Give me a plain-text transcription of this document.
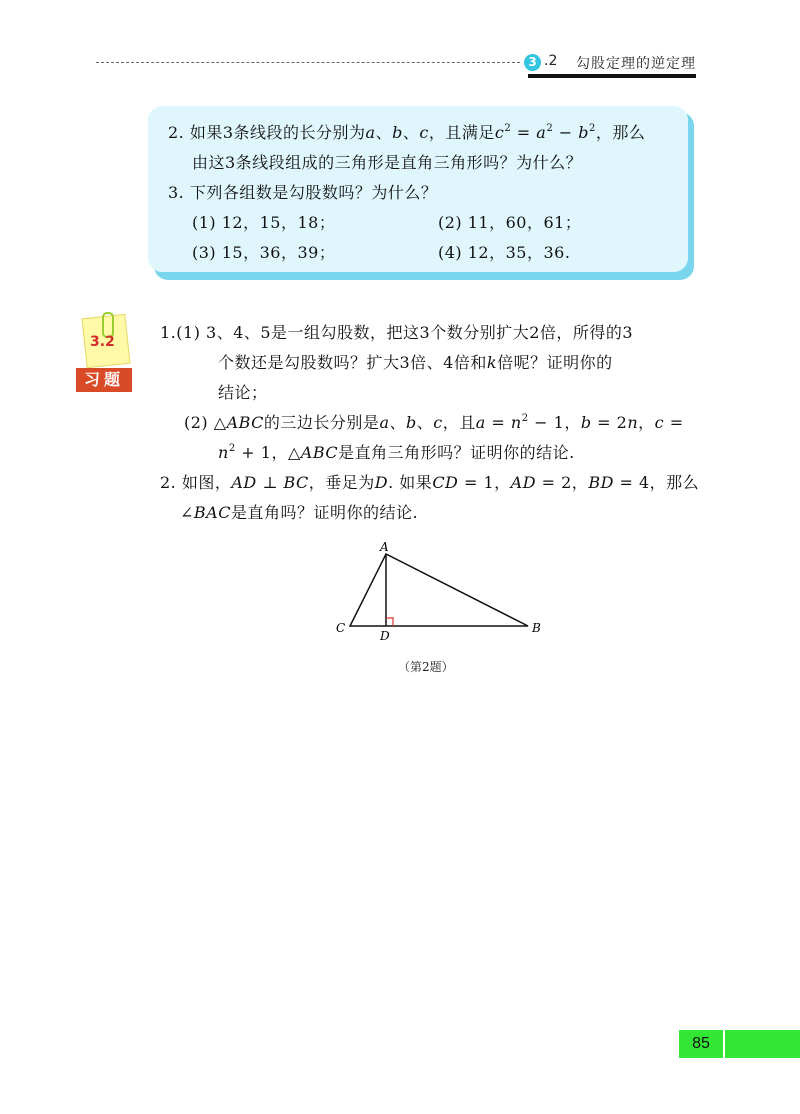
3 .2 勾股定理的逆定理
2. 如果3条线段的长分别为a、b、c，且满足$c^2 = a^2 - b^2$，那么
由这3条线段组成的三角形是直角三角形吗？为什么？
3. 下列各组数是勾股数吗？为什么？
(1) 12，15，18；	(2) 11，60，61；
(3) 15，36，39；	(4) 12，35，36.
3.2
习题
1.(1) 3、4、5是一组勾股数，把这3个数分别扩大2倍，所得的3
个数还是勾股数吗？扩大3倍、4倍和k倍呢？证明你的
结论；
(2) △ABC的三边长分别是a、b、c，且$a = n^2 - 1$，b = 2n，c =
$n^2 + 1$，△ABC是直角三角形吗？证明你的结论.
2. 如图，AD ⊥ BC，垂足为D. 如果CD = 1，AD = 2，BD = 4，那么
∠BAC是直角吗？证明你的结论.
A
C
D
B
（第2题）
85
